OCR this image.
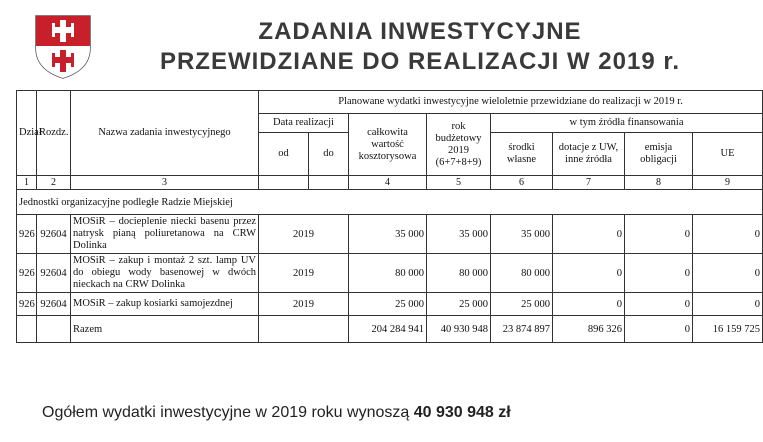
ZADANIA INWESTYCYJNE
PRZEWIDZIANE DO REALIZACJI W 2019 r.
Dział	Rozdz.	Nazwa zadania inwestycyjnego	Planowane wydatki inwestycyjne wieloletnie przewidziane do realizacji w 2019 r.							
			Data realizacji		całkowita wartość kosztorysowa	rok budżetowy 2019 (6+7+8+9)	w tym źródła finansowania			
			od	do			środki własne	dotacje z UW, inne źródła	emisja obligacji	UE
1	2	3			4	5	6	7	8	9
Jednostki organizacyjne podległe Radzie Miejskiej										
926	92604	MOSiR – docieplenie niecki basenu przez natrysk pianą poliuretanowa na CRW Dolinka	2019		35 000	35 000	35 000	0	0	0
926	92604	MOSiR – zakup i montaż 2 szt. lamp UV do obiegu wody basenowej w dwóch nieckach na CRW Dolinka	2019		80 000	80 000	80 000	0	0	0
926	92604	MOSiR – zakup kosiarki samojezdnej	2019		25 000	25 000	25 000	0	0	0
		Razem			204 284 941	40 930 948	23 874 897	896 326	0	16 159 725
Ogółem wydatki inwestycyjne w 2019 roku wynoszą 40 930 948 zł
